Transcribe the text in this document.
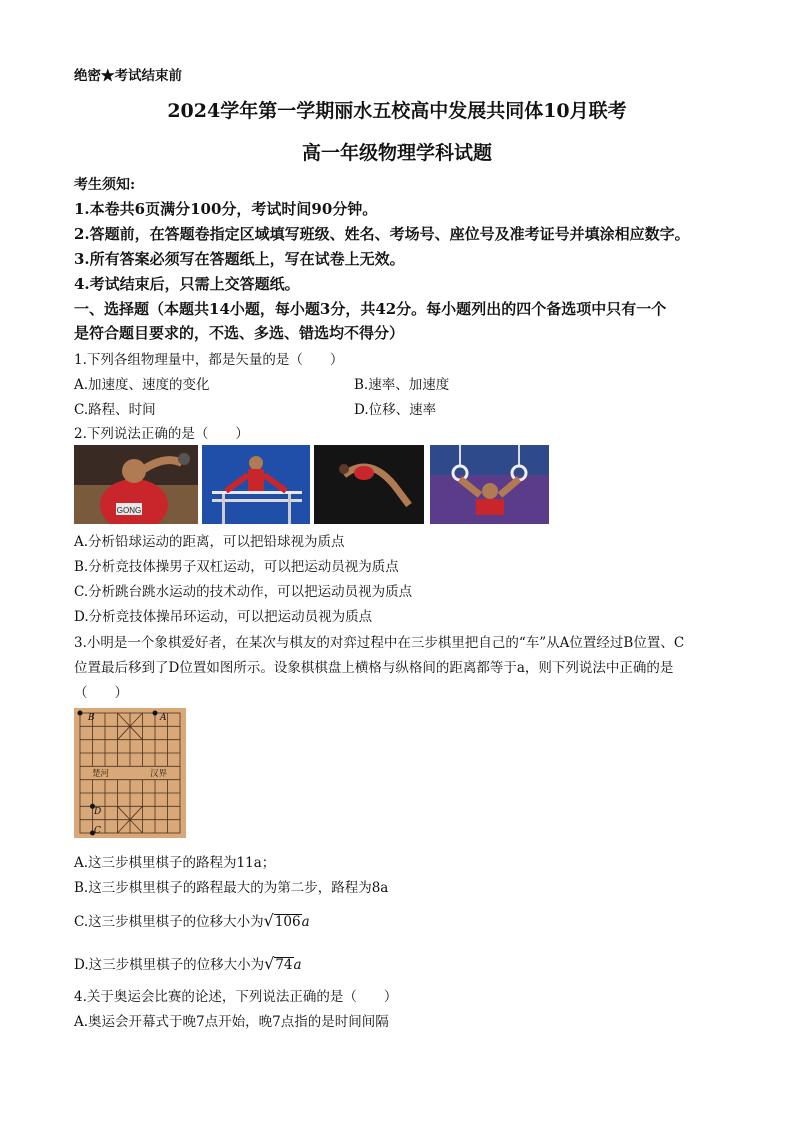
绝密★考试结束前
2024学年第一学期丽水五校高中发展共同体10月联考
高一年级物理学科试题
考生须知:
1.本卷共6页满分100分，考试时间90分钟。
2.答题前，在答题卷指定区域填写班级、姓名、考场号、座位号及准考证号并填涂相应数字。
3.所有答案必须写在答题纸上，写在试卷上无效。
4.考试结束后，只需上交答题纸。
一、选择题（本题共14小题，每小题3分，共42分。每小题列出的四个备选项中只有一个
是符合题目要求的，不选、多选、错选均不得分）
1.下列各组物理量中，都是矢量的是（　　）
A.加速度、速度的变化	B.速率、加速度
C.路程、时间	D.位移、速率
2.下列说法正确的是（　　）
GONG
A.分析铅球运动的距离，可以把铅球视为质点
B.分析竞技体操男子双杠运动，可以把运动员视为质点
C.分析跳台跳水运动的技术动作，可以把运动员视为质点
D.分析竞技体操吊环运动，可以把运动员视为质点
3.小明是一个象棋爱好者，在某次与棋友的对弈过程中在三步棋里把自己的“车”从A位置经过B位置、C
位置最后移到了D位置如图所示。设象棋棋盘上横格与纵格间的距离都等于a，则下列说法中正确的是
（　　）
A
B
D
C
楚河	汉界
A.这三步棋里棋子的路程为11a；
B.这三步棋里棋子的路程最大的为第二步，路程为8a
C.这三步棋里棋子的位移大小为√106a
D.这三步棋里棋子的位移大小为√74a
4.关于奥运会比赛的论述，下列说法正确的是（　　）
A.奥运会开幕式于晚7点开始，晚7点指的是时间间隔
